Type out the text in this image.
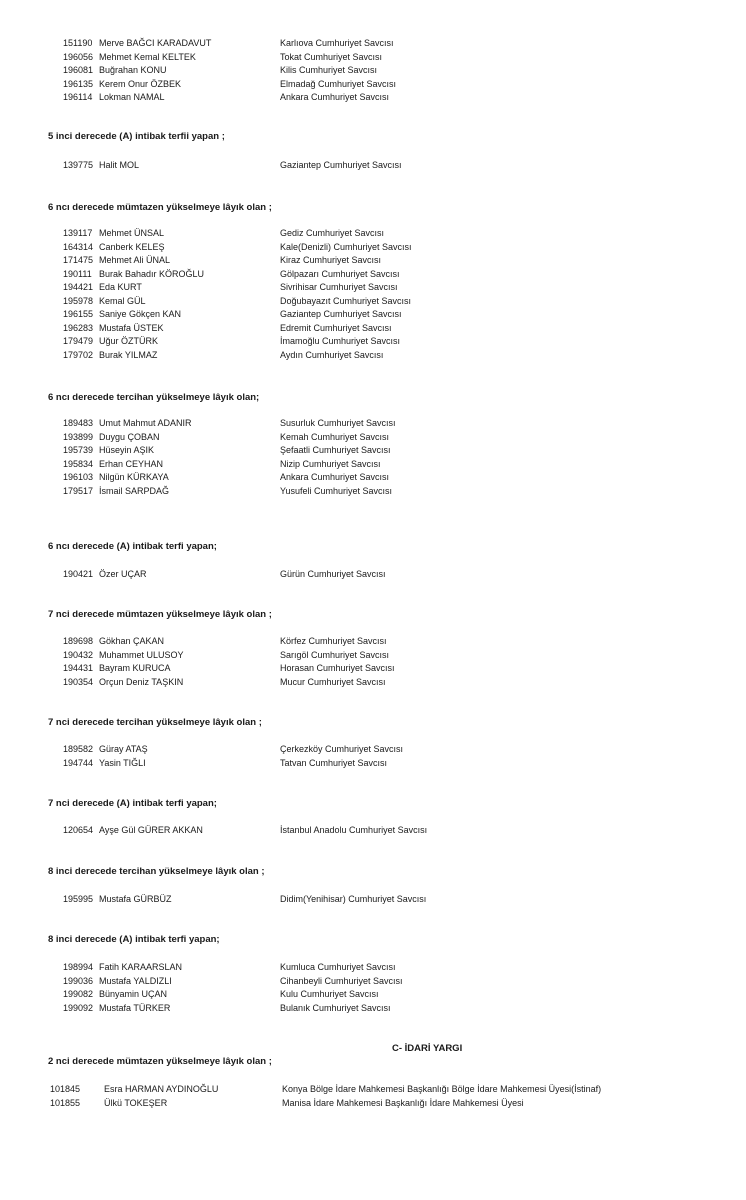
151190 Merve BAĞCI KARADAVUT	Karlıova Cumhuriyet Savcısı
196056 Mehmet Kemal KELTEK	Tokat Cumhuriyet Savcısı
196081 Buğrahan KONU	Kilis Cumhuriyet Savcısı
196135 Kerem Onur ÖZBEK	Elmadağ Cumhuriyet Savcısı
196114 Lokman NAMAL	Ankara Cumhuriyet Savcısı
5 inci derecede (A) intibak terfii yapan ;
139775 Halit MOL	Gaziantep Cumhuriyet Savcısı
6 ncı derecede mümtazen yükselmeye lâyık olan ;
139117 Mehmet ÜNSAL	Gediz Cumhuriyet Savcısı
164314 Canberk KELEŞ	Kale(Denizli) Cumhuriyet Savcısı
171475 Mehmet Ali ÜNAL	Kiraz Cumhuriyet Savcısı
190111 Burak Bahadır KÖROĞLU	Gölpazarı Cumhuriyet Savcısı
194421 Eda KURT	Sivrihisar Cumhuriyet Savcısı
195978 Kemal GÜL	Doğubayazıt Cumhuriyet Savcısı
196155 Saniye Gökçen KAN	Gaziantep Cumhuriyet Savcısı
196283 Mustafa ÜSTEK	Edremit Cumhuriyet Savcısı
179479 Uğur ÖZTÜRK	İmamoğlu Cumhuriyet Savcısı
179702 Burak YILMAZ	Aydın Cumhuriyet Savcısı
6 ncı derecede tercihan yükselmeye lâyık olan;
189483 Umut Mahmut ADANIR	Susurluk Cumhuriyet Savcısı
193899 Duygu ÇOBAN	Kemah Cumhuriyet Savcısı
195739 Hüseyin AŞIK	Şefaatli Cumhuriyet Savcısı
195834 Erhan CEYHAN	Nizip Cumhuriyet Savcısı
196103 Nilgün KÜRKAYA	Ankara Cumhuriyet Savcısı
179517 İsmail SARPDAĞ	Yusufeli Cumhuriyet Savcısı
6 ncı derecede (A) intibak terfi yapan;
190421 Özer UÇAR	Gürün Cumhuriyet Savcısı
7 nci derecede mümtazen yükselmeye lâyık olan ;
189698 Gökhan ÇAKAN	Körfez Cumhuriyet Savcısı
190432 Muhammet ULUSOY	Sarıgöl Cumhuriyet Savcısı
194431 Bayram KURUCA	Horasan Cumhuriyet Savcısı
190354 Orçun Deniz TAŞKIN	Mucur Cumhuriyet Savcısı
7 nci derecede tercihan yükselmeye lâyık olan ;
189582 Güray ATAŞ	Çerkezköy Cumhuriyet Savcısı
194744 Yasin TIĞLI	Tatvan Cumhuriyet Savcısı
7 nci derecede (A) intibak terfi yapan;
120654 Ayşe Gül GÜRER AKKAN	İstanbul Anadolu Cumhuriyet Savcısı
8 inci derecede tercihan yükselmeye lâyık olan ;
195995 Mustafa GÜRBÜZ	Didim(Yenihisar) Cumhuriyet Savcısı
8 inci derecede (A) intibak terfi yapan;
198994 Fatih KARAARSLAN	Kumluca Cumhuriyet Savcısı
199036 Mustafa YALDIZLI	Cihanbeyli Cumhuriyet Savcısı
199082 Bünyamin UÇAN	Kulu Cumhuriyet Savcısı
199092 Mustafa TÜRKER	Bulanık Cumhuriyet Savcısı
C- İDARİ YARGI
2 nci derecede mümtazen yükselmeye lâyık olan ;
101845	Esra HARMAN AYDINOĞLU	Konya Bölge İdare Mahkemesi Başkanlığı Bölge İdare Mahkemesi Üyesi(İstinaf)
101855	Ülkü TOKEŞER	Manisa İdare Mahkemesi Başkanlığı İdare Mahkemesi Üyesi
